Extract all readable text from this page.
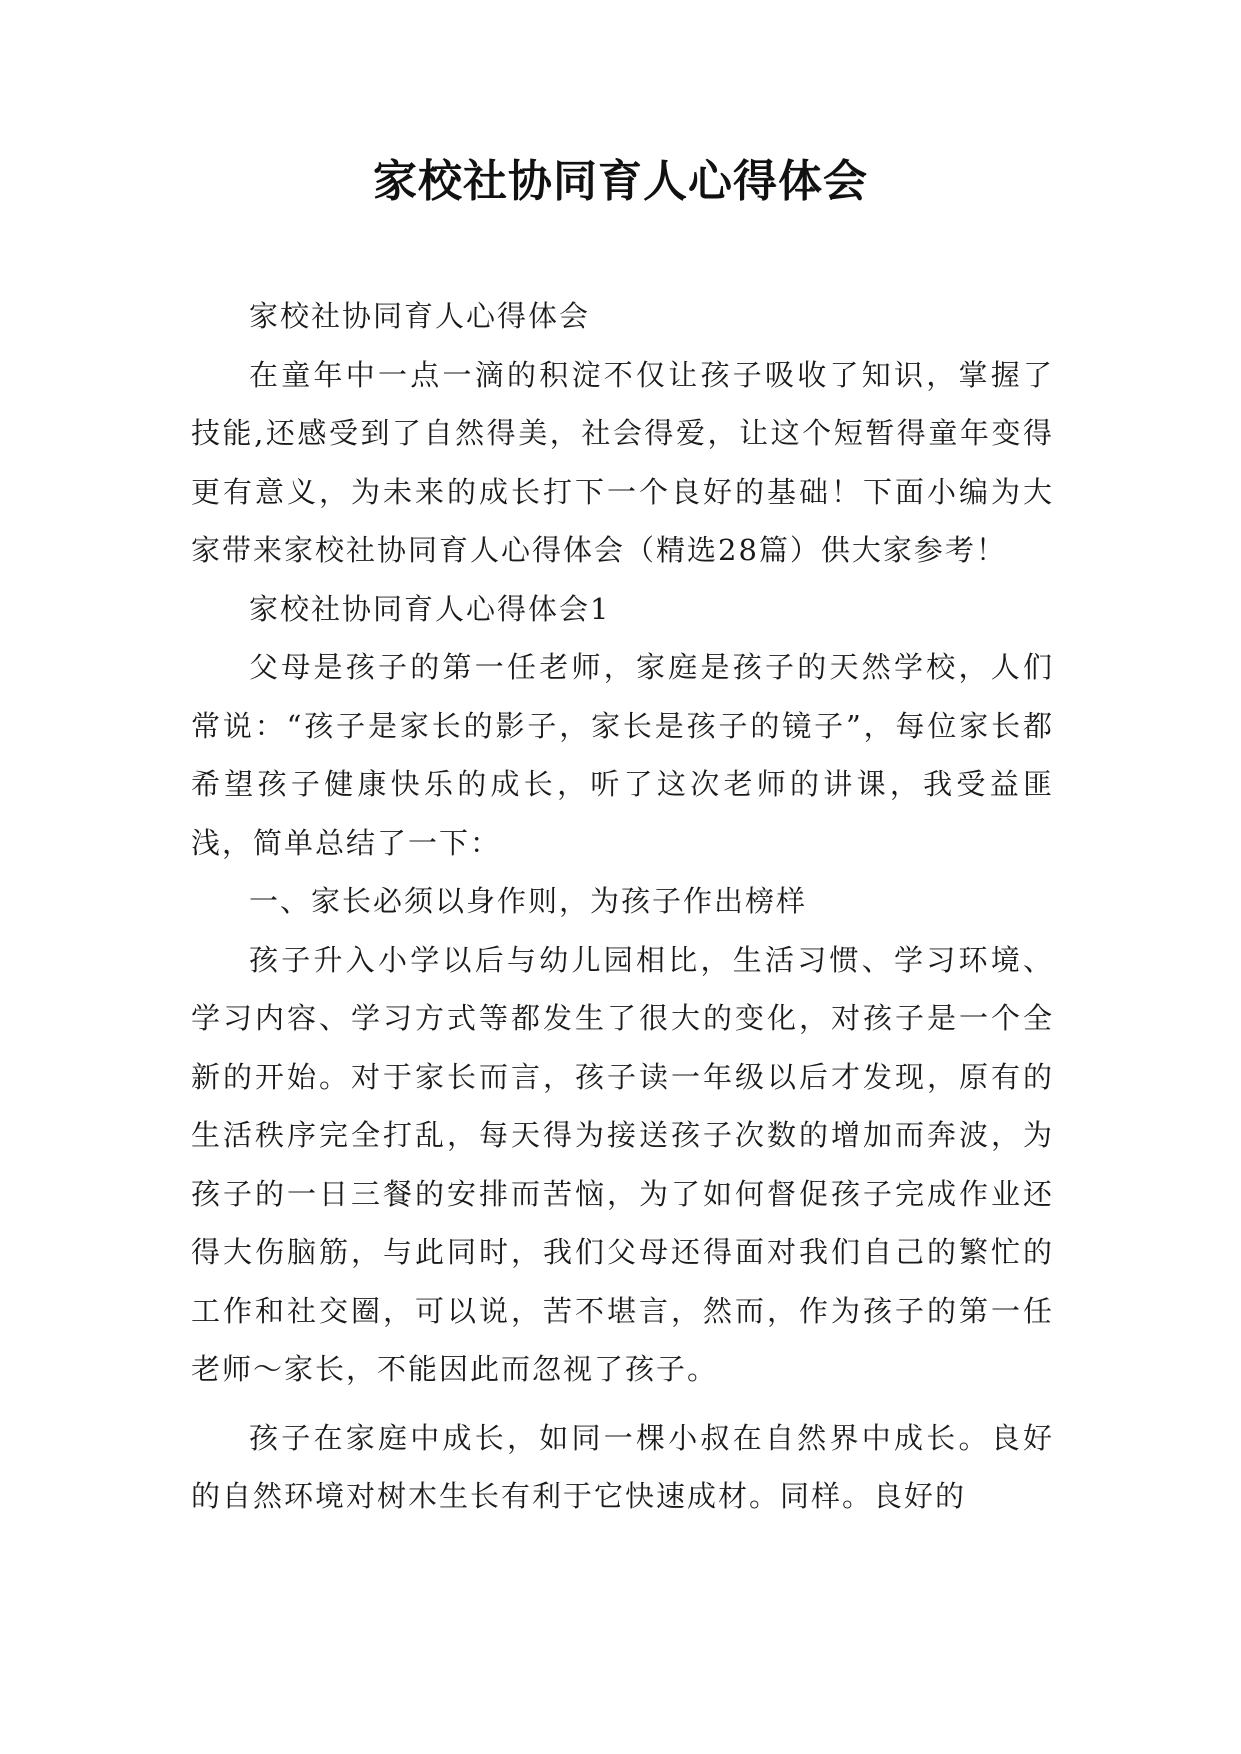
家校社协同育人心得体会

家校社协同育人心得体会

在童年中一点一滴的积淀不仅让孩子吸收了知识，掌握了技能,还感受到了自然得美，社会得爱，让这个短暂得童年变得更有意义，为未来的成长打下一个良好的基础！下面小编为大家带来家校社协同育人心得体会（精选28篇）供大家参考！

家校社协同育人心得体会1

父母是孩子的第一任老师，家庭是孩子的天然学校，人们常说：“孩子是家长的影子，家长是孩子的镜子”，每位家长都希望孩子健康快乐的成长，听了这次老师的讲课，我受益匪浅，简单总结了一下：

一、家长必须以身作则，为孩子作出榜样

孩子升入小学以后与幼儿园相比，生活习惯、学习环境、学习内容、学习方式等都发生了很大的变化，对孩子是一个全新的开始。对于家长而言，孩子读一年级以后才发现，原有的生活秩序完全打乱，每天得为接送孩子次数的增加而奔波，为孩子的一日三餐的安排而苦恼，为了如何督促孩子完成作业还得大伤脑筋，与此同时，我们父母还得面对我们自己的繁忙的工作和社交圈，可以说，苦不堪言，然而，作为孩子的第一任老师～家长，不能因此而忽视了孩子。

孩子在家庭中成长，如同一棵小叔在自然界中成长。良好的自然环境对树木生长有利于它快速成材。同样。良好的
